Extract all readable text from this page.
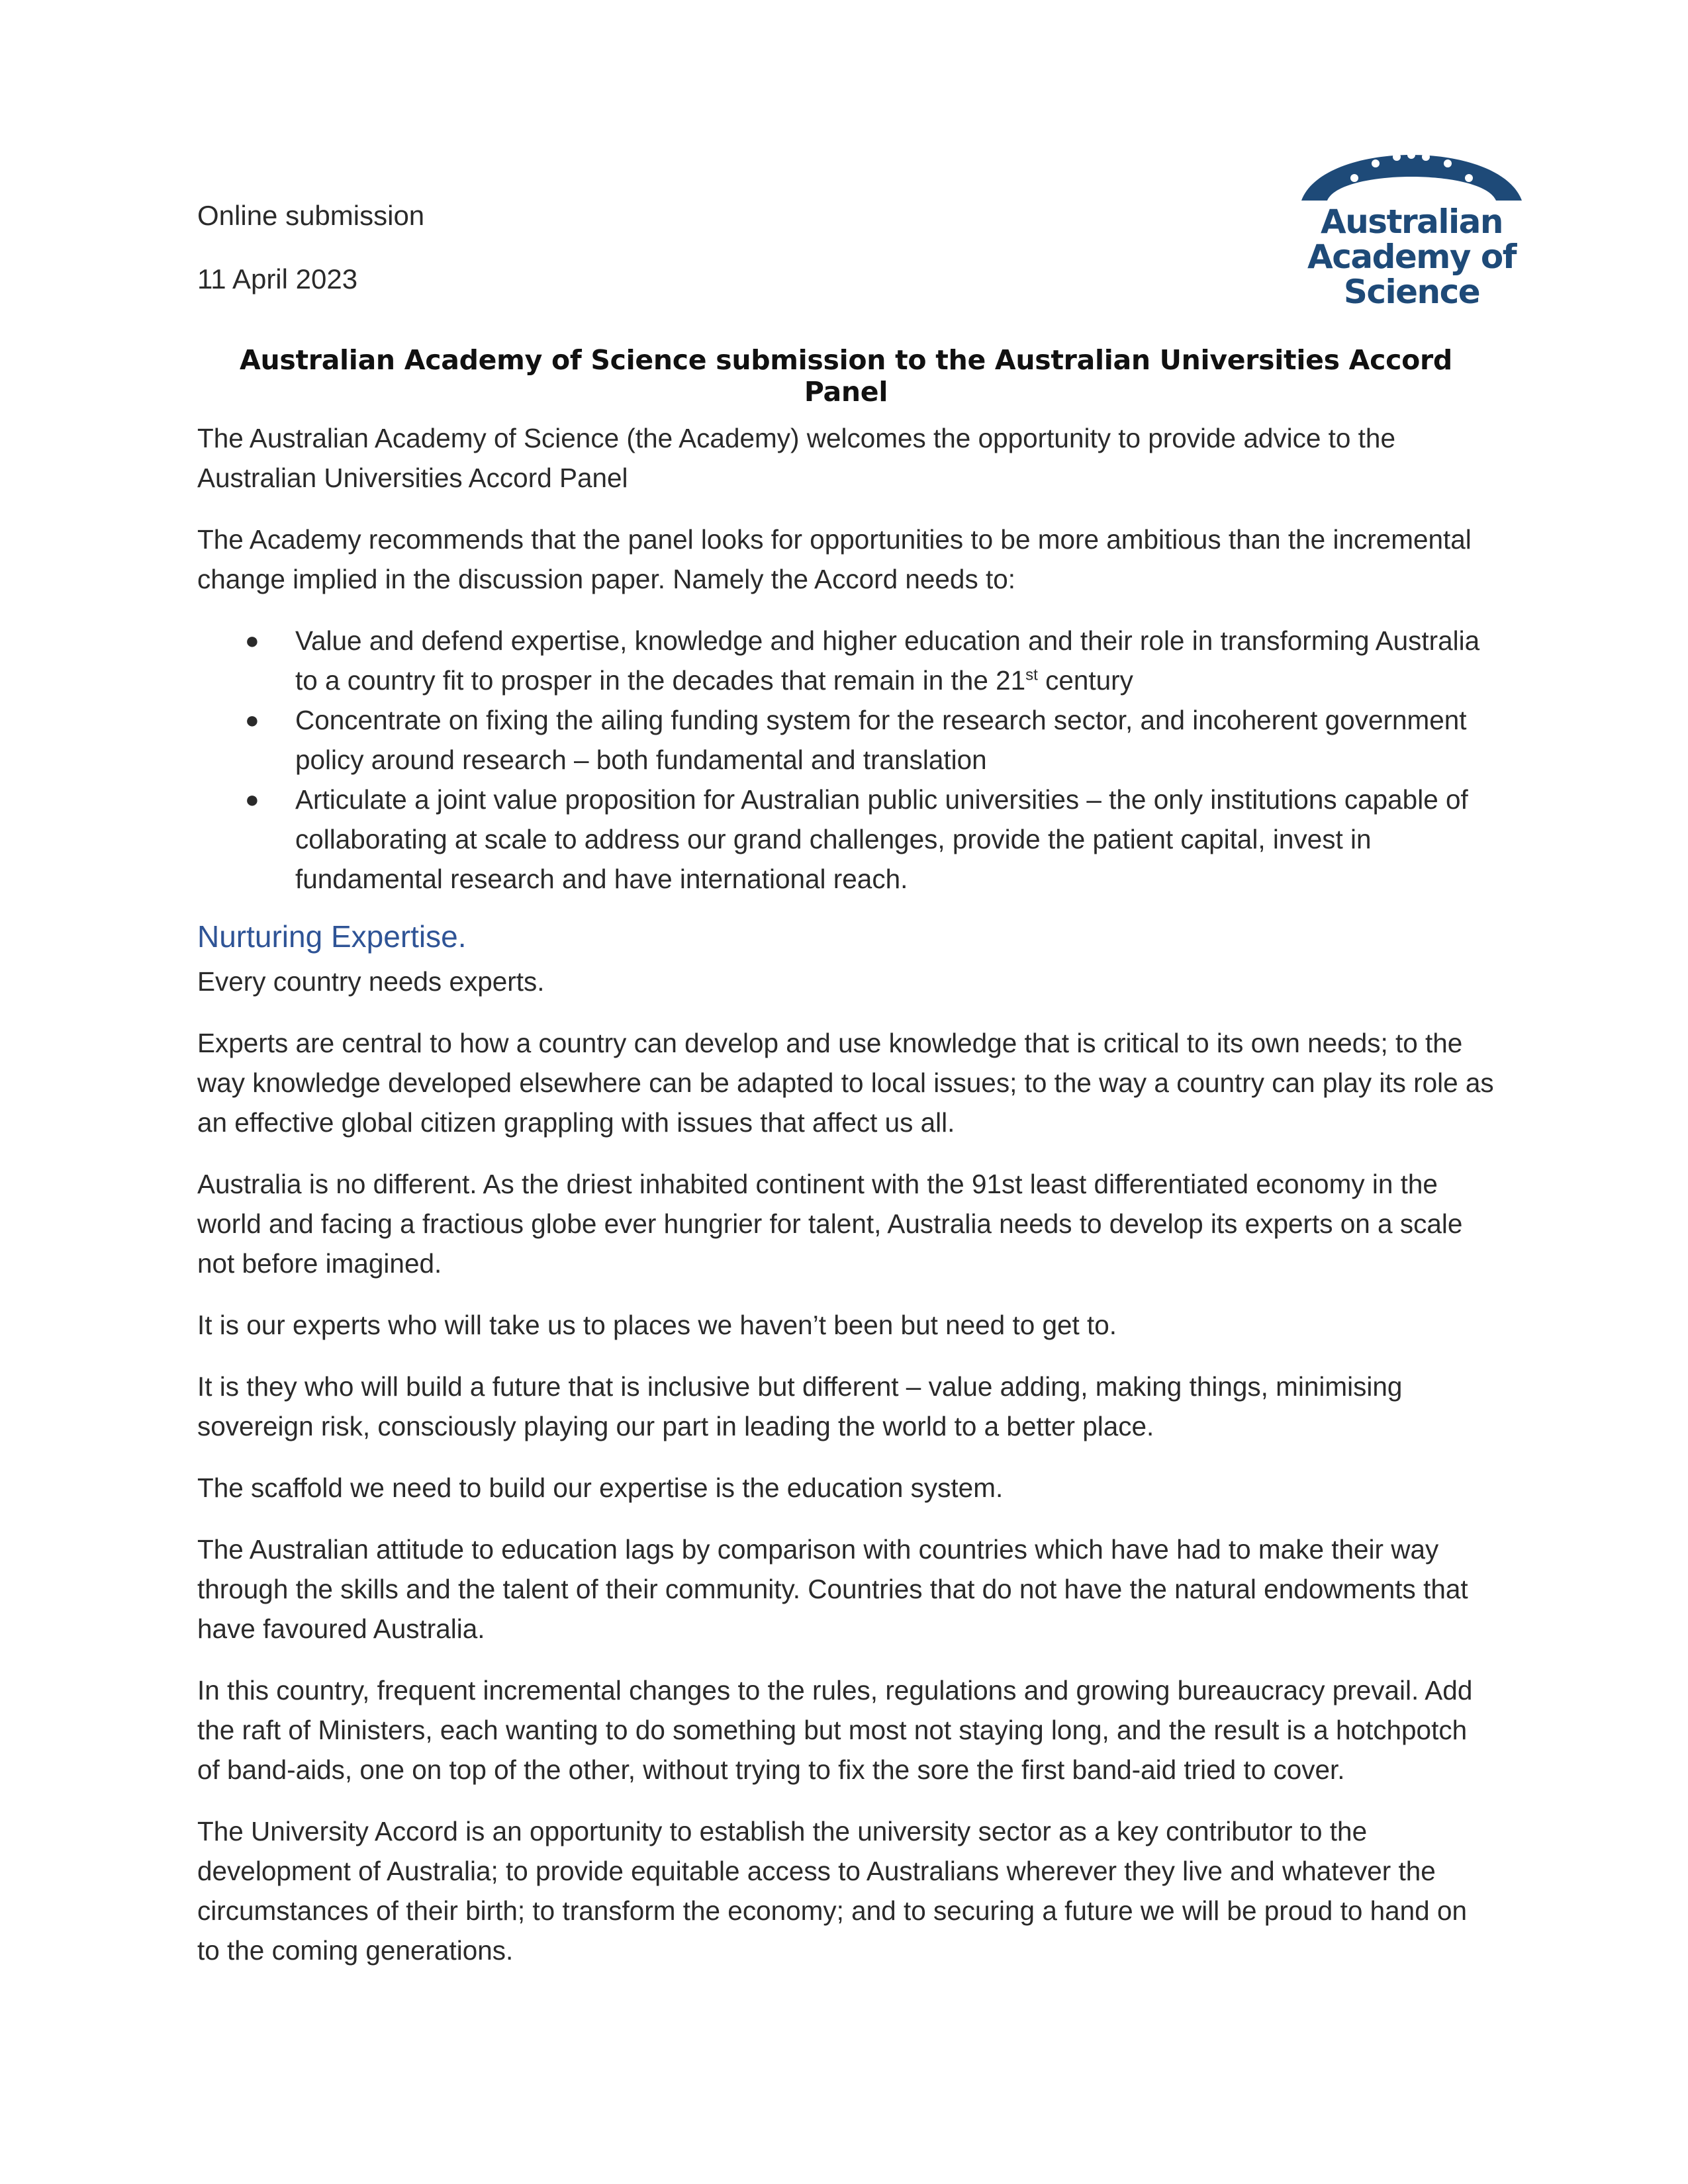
Australian
Academy of
Science
Online submission
11 April 2023
Australian Academy of Science submission to the Australian Universities Accord Panel

The Australian Academy of Science (the Academy) welcomes the opportunity to provide advice to the Australian Universities Accord Panel

The Academy recommends that the panel looks for opportunities to be more ambitious than the incremental change implied in the discussion paper. Namely the Accord needs to:

● Value and defend expertise, knowledge and higher education and their role in transforming Australia to a country fit to prosper in the decades that remain in the 21st century
● Concentrate on fixing the ailing funding system for the research sector, and incoherent government policy around research – both fundamental and translation
● Articulate a joint value proposition for Australian public universities – the only institutions capable of collaborating at scale to address our grand challenges, provide the patient capital, invest in fundamental research and have international reach.
Nurturing Expertise.

Every country needs experts.

Experts are central to how a country can develop and use knowledge that is critical to its own needs; to the way knowledge developed elsewhere can be adapted to local issues; to the way a country can play its role as an effective global citizen grappling with issues that affect us all.

Australia is no different. As the driest inhabited continent with the 91st least differentiated economy in the world and facing a fractious globe ever hungrier for talent, Australia needs to develop its experts on a scale not before imagined.

It is our experts who will take us to places we haven’t been but need to get to.

It is they who will build a future that is inclusive but different – value adding, making things, minimising sovereign risk, consciously playing our part in leading the world to a better place.

The scaffold we need to build our expertise is the education system.

The Australian attitude to education lags by comparison with countries which have had to make their way through the skills and the talent of their community. Countries that do not have the natural endowments that have favoured Australia.

In this country, frequent incremental changes to the rules, regulations and growing bureaucracy prevail. Add the raft of Ministers, each wanting to do something but most not staying long, and the result is a hotchpotch of band-aids, one on top of the other, without trying to fix the sore the first band-aid tried to cover.

The University Accord is an opportunity to establish the university sector as a key contributor to the development of Australia; to provide equitable access to Australians wherever they live and whatever the circumstances of their birth; to transform the economy; and to securing a future we will be proud to hand on to the coming generations.
